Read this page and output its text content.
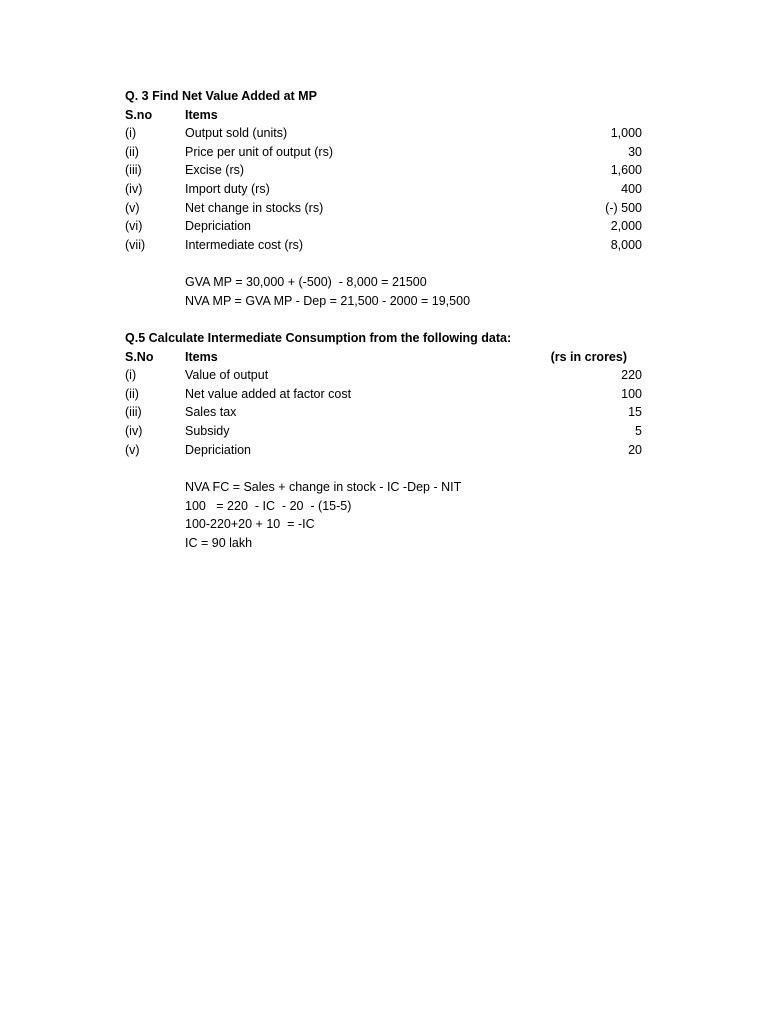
Q. 3 Find Net Value Added at MP
S.no	Items
(i)	Output sold (units)	1,000
(ii)	Price per unit of output (rs)	30
(iii)	Excise (rs)	1,600
(iv)	Import duty (rs)	400
(v)	Net change in stocks (rs)	(-) 500
(vi)	Depriciation	2,000
(vii)	Intermediate cost (rs)	8,000
GVA MP = 30,000 + (-500)  - 8,000 = 21500
NVA MP = GVA MP - Dep = 21,500 - 2000 = 19,500
Q.5 Calculate Intermediate Consumption from the following data:
S.No	Items	(rs in crores)
(i)	Value of output	220
(ii)	Net value added at factor cost	100
(iii)	Sales tax	15
(iv)	Subsidy	5
(v)	Depriciation	20
NVA FC = Sales + change in stock - IC -Dep - NIT
100   = 220  - IC  - 20  - (15-5)
100-220+20 + 10  = -IC
IC = 90 lakh
